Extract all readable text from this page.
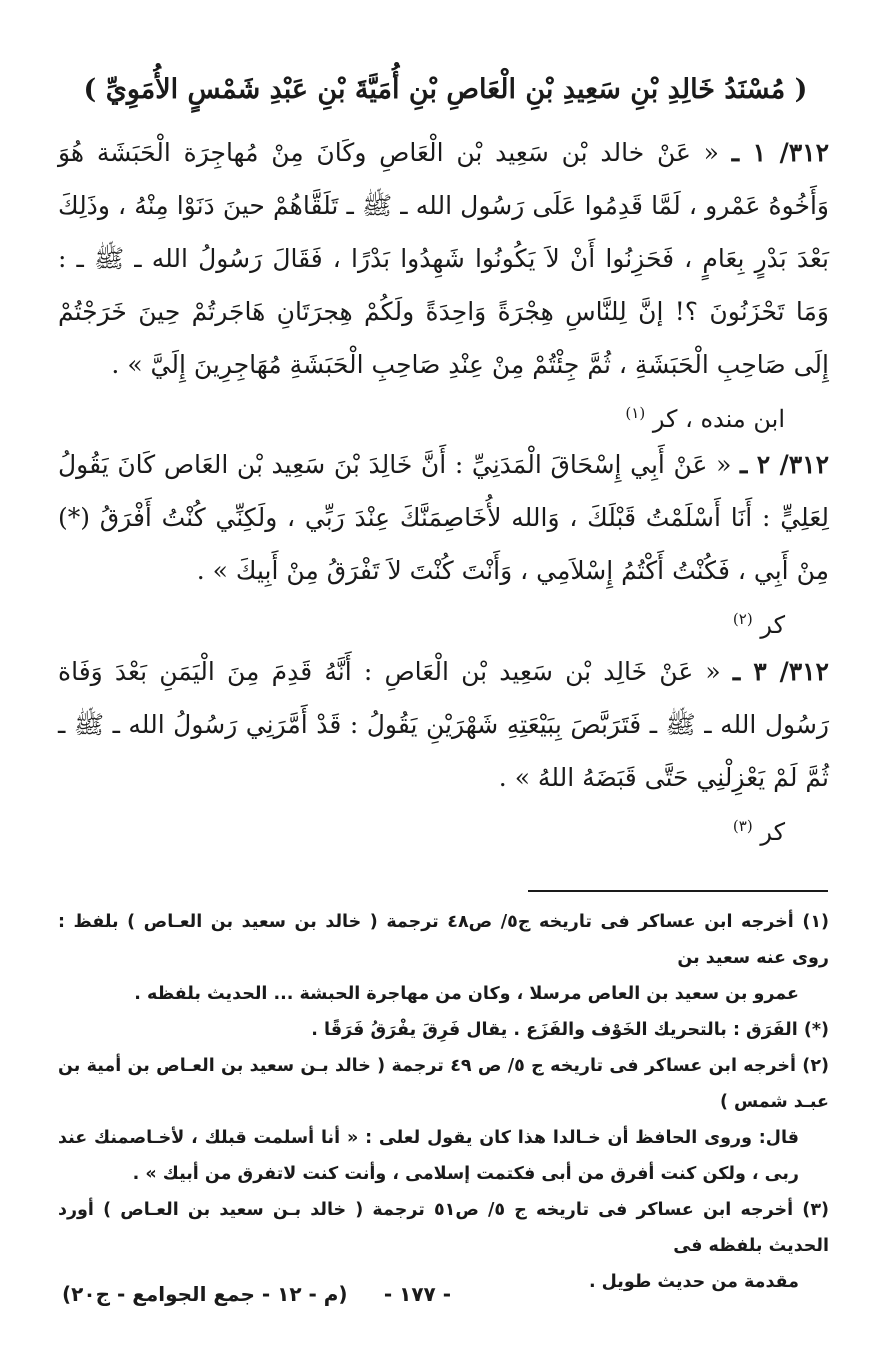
( مُسْنَدُ خَالِدِ بْنِ سَعِيدِ بْنِ الْعَاصِ بْنِ أُمَيَّةَ بْنِ عَبْدِ شَمْسٍ الأُمَوِيِّ )

٣١٢/ ١ ـ « عَنْ خالد بْن سَعِيد بْن الْعَاصِ وكَانَ مِنْ مُهاجِرَة الْحَبَشَة هُوَ وَأَخُوهُ عَمْرو ، لَمَّا قَدِمُوا عَلَى رَسُول الله ـ ﷺ ـ تَلَقَّاهُمْ حينَ دَنَوْا مِنْهُ ، وذَلِكَ بَعْدَ بَدْرٍ بِعَامٍ ، فَحَزِنُوا أَنْ لاَ يَكُونُوا شَهِدُوا بَدْرًا ، فَقَالَ رَسُولُ الله ـ ﷺ ـ : وَمَا تَحْزَنُونَ ؟! إنَّ لِلنَّاسِ هِجْرَةً وَاحِدَةً ولَكُمْ هِجرَتَانِ هَاجَرتُمْ حِينَ خَرَجْتُمْ إِلَى صَاحِبِ الْحَبَشَةِ ، ثُمَّ جِئْتُمْ مِنْ عِنْدِ صَاحِبِ الْحَبَشَةِ مُهَاجِرِينَ إِلَيَّ » .

ابن منده ، كر $^{(١)}$

٣١٢/ ٢ ـ « عَنْ أَبِي إِسْحَاقَ الْمَدَنِيِّ : أَنَّ خَالِدَ بْنَ سَعِيد بْن العَاص كَانَ يَقُولُ لِعَلِيٍّ : أَنَا أَسْلَمْتُ قَبْلَكَ ، وَالله لأُخَاصِمَنَّكَ عِنْدَ رَبِّي ، ولَكِنِّي كُنْتُ أَفْرَقُ (*) مِنْ أَبِي ، فَكُنْتُ أَكْتُمُ إِسْلاَمِي ، وَأَنْتَ كُنْتَ لاَ تَفْرَقُ مِنْ أَبِيكَ » .

كر $^{(٢)}$

٣١٢/ ٣ ـ « عَنْ خَالِد بْن سَعِيد بْن الْعَاصِ : أَنَّهُ قَدِمَ مِنَ الْيَمَنِ بَعْدَ وَفَاة رَسُول الله ـ ﷺ ـ فَتَرَبَّصَ بِبَيْعَتِهِ شَهْرَيْنِ يَقُولُ : قَدْ أَمَّرَنِي رَسُولُ الله ـ ﷺ ـ ثُمَّ لَمْ يَعْزِلْنِي حَتَّى قَبَضَهُ اللهُ » .

كر $^{(٣)}$

(١) أخرجه ابن عساكر فى تاريخه ج٥/ ص٤٨ ترجمة ( خالد بن سعيد بن العـاص ) بلفظ : روى عنه سعيد بن

عمرو بن سعيد بن العاص مرسلا ، وكان من مهاجرة الحبشة ... الحديث بلفظه .

(*) الفَرَق : بالتحريك الخَوْف والفَزَع . يقال فَرِقَ يفْرَقُ فَرَقًا .

(٢) أخرجه ابن عساكر فى تاريخه ج ٥/ ص ٤٩ ترجمة ( خالد بـن سعيد بن العـاص بن أمية بن عبـد شمس )

قال: وروى الحافظ أن خـالدا هذا كان يقول لعلى : « أنا أسلمت قبلك ، لأخـاصمنك عند ربى ، ولكن كنت أفرق من أبى فكتمت إسلامى ، وأنت كنت لاتفرق من أبيك » .

(٣) أخرجه ابن عساكر فى تاريخه ج ٥/ ص٥١ ترجمة ( خالد بـن سعيد بن العـاص ) أورد الحديث بلفظه فى

مقدمة من حديث طويل .

- ١٧٧ -
(م - ١٢ - جمع الجوامع - ج٢٠)
